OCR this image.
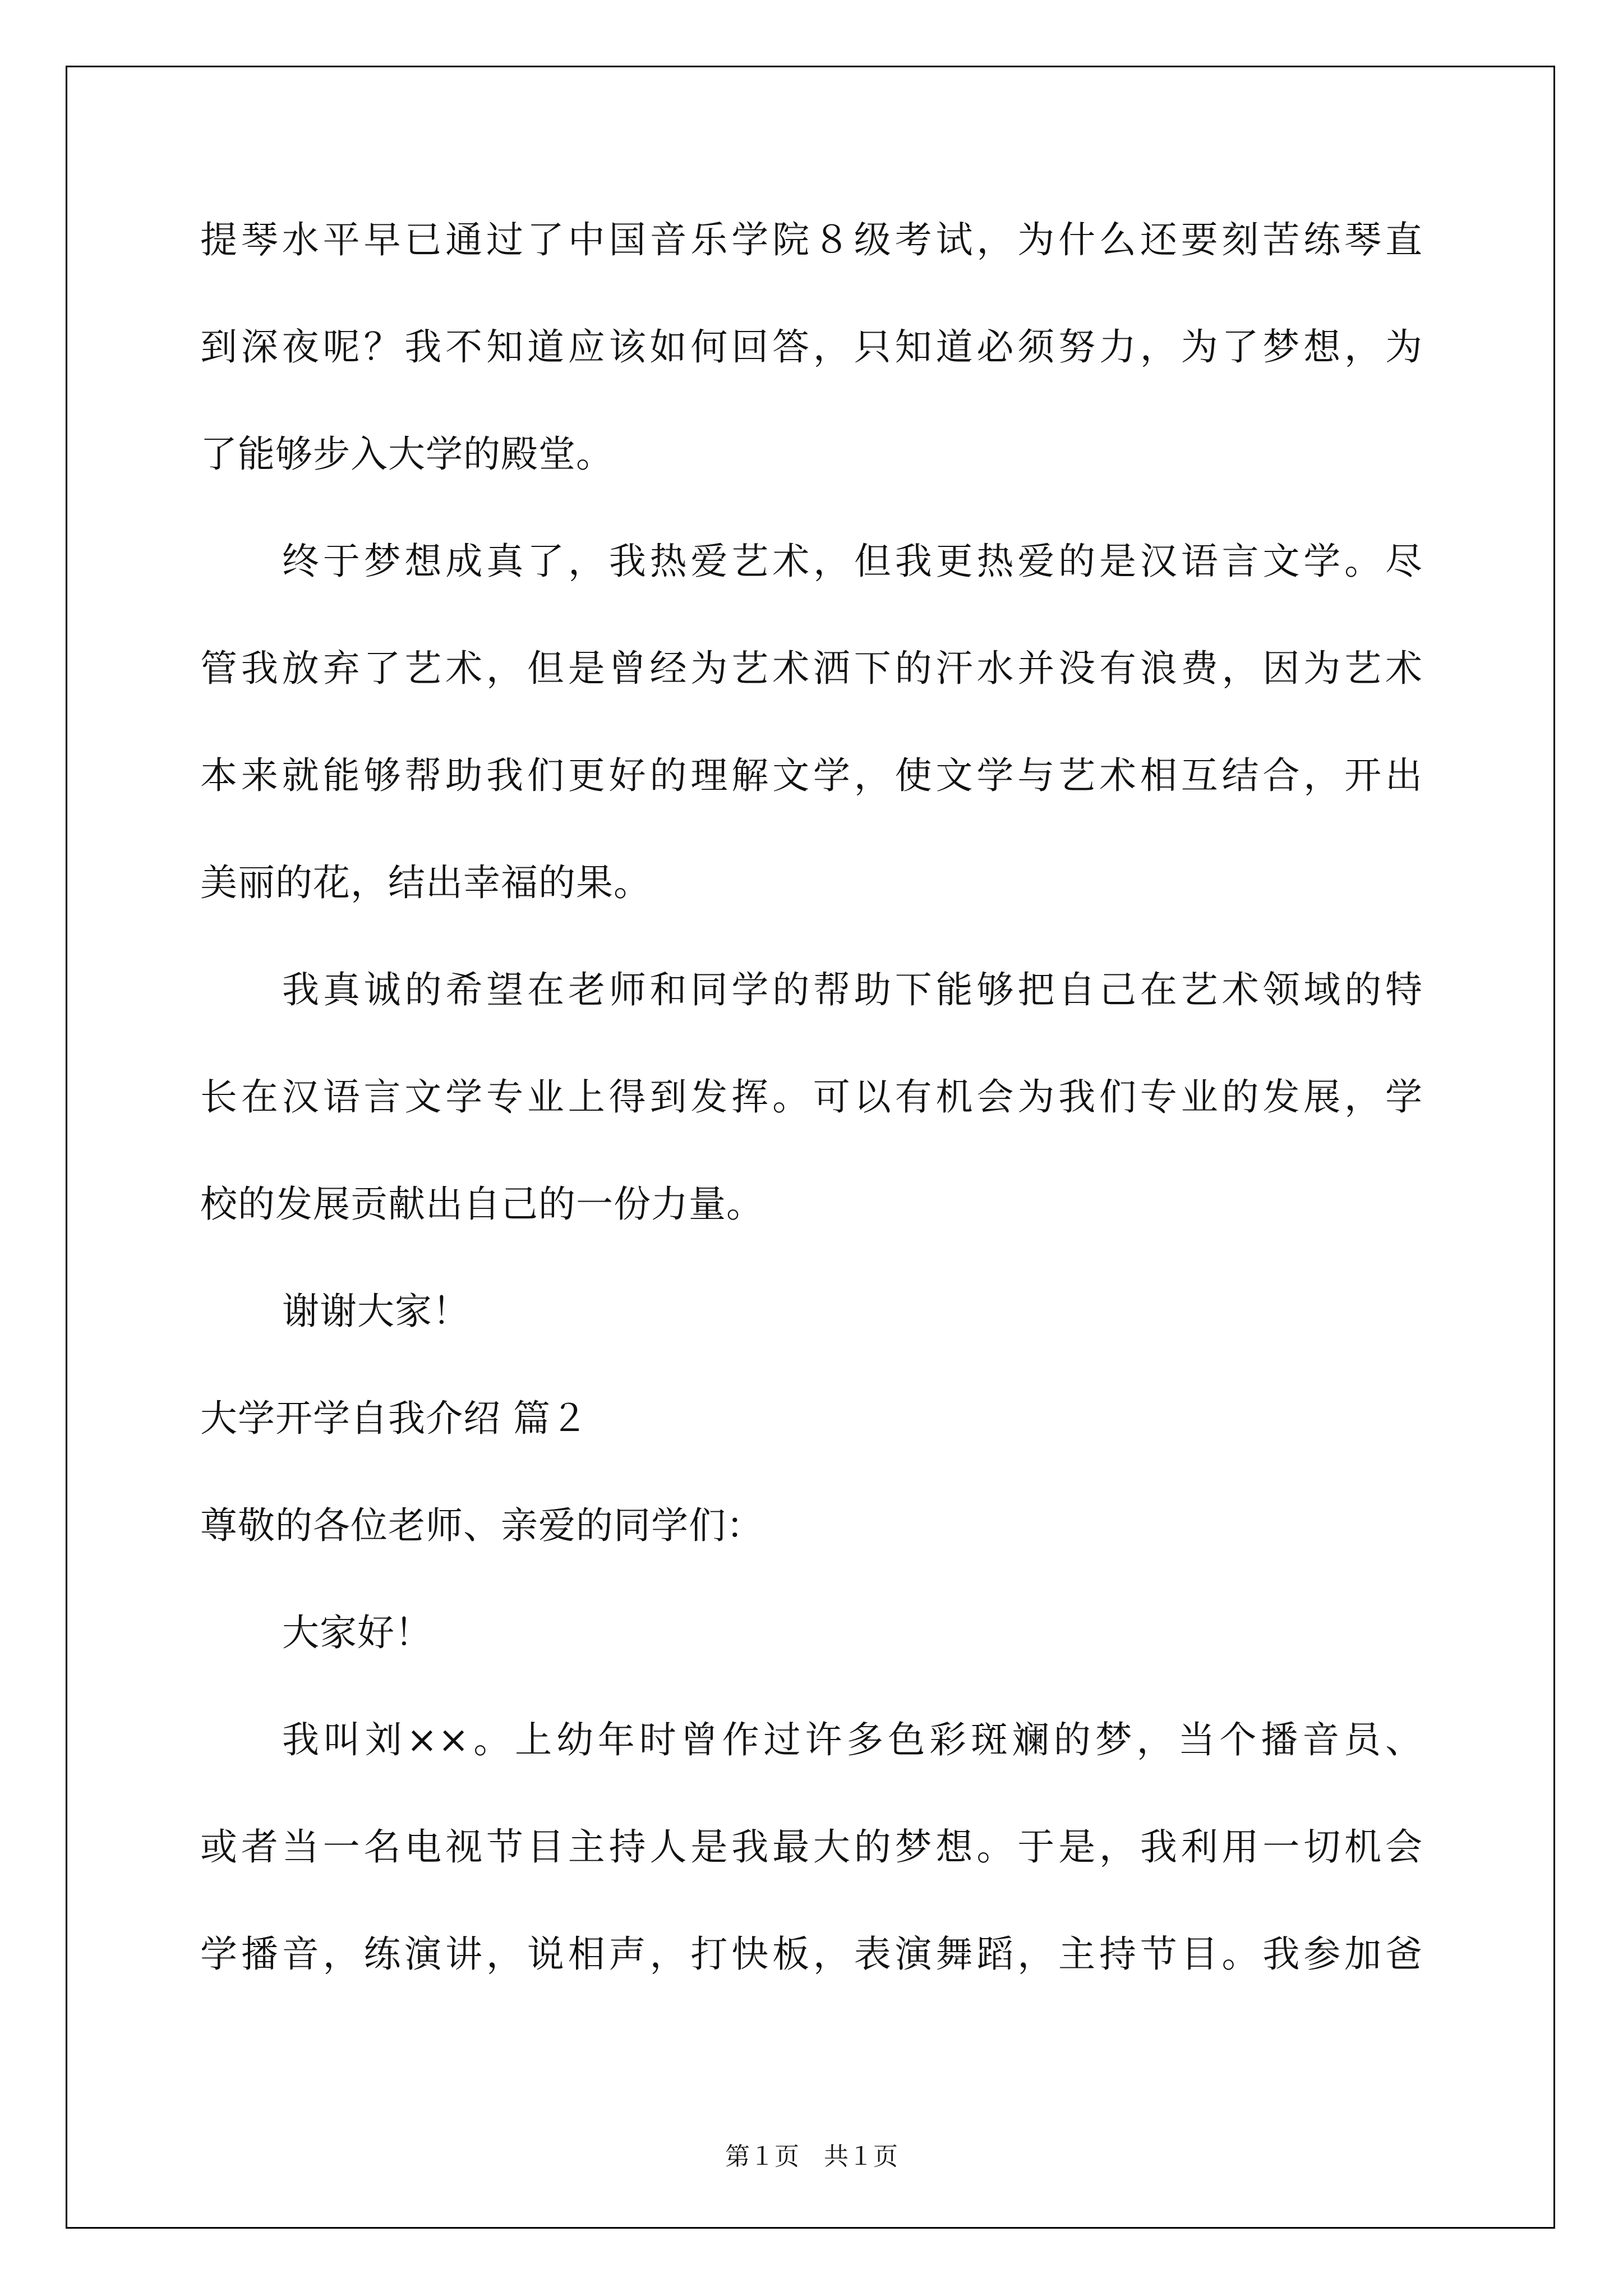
提琴水平早已通过了中国音乐学院８级考试，为什么还要刻苦练琴直
到深夜呢？我不知道应该如何回答，只知道必须努力，为了梦想，为
了能够步入大学的殿堂。
终于梦想成真了，我热爱艺术，但我更热爱的是汉语言文学。尽
管我放弃了艺术，但是曾经为艺术洒下的汗水并没有浪费，因为艺术
本来就能够帮助我们更好的理解文学，使文学与艺术相互结合，开出
美丽的花，结出幸福的果。
我真诚的希望在老师和同学的帮助下能够把自己在艺术领域的特
长在汉语言文学专业上得到发挥。可以有机会为我们专业的发展，学
校的发展贡献出自己的一份力量。
谢谢大家！
大学开学自我介绍 篇２
尊敬的各位老师、亲爱的同学们：
大家好！
我叫刘××。上幼年时曾作过许多色彩斑斓的梦，当个播音员、
或者当一名电视节目主持人是我最大的梦想。于是，我利用一切机会
学播音，练演讲，说相声，打快板，表演舞蹈，主持节目。我参加爸
第１页　共１页
